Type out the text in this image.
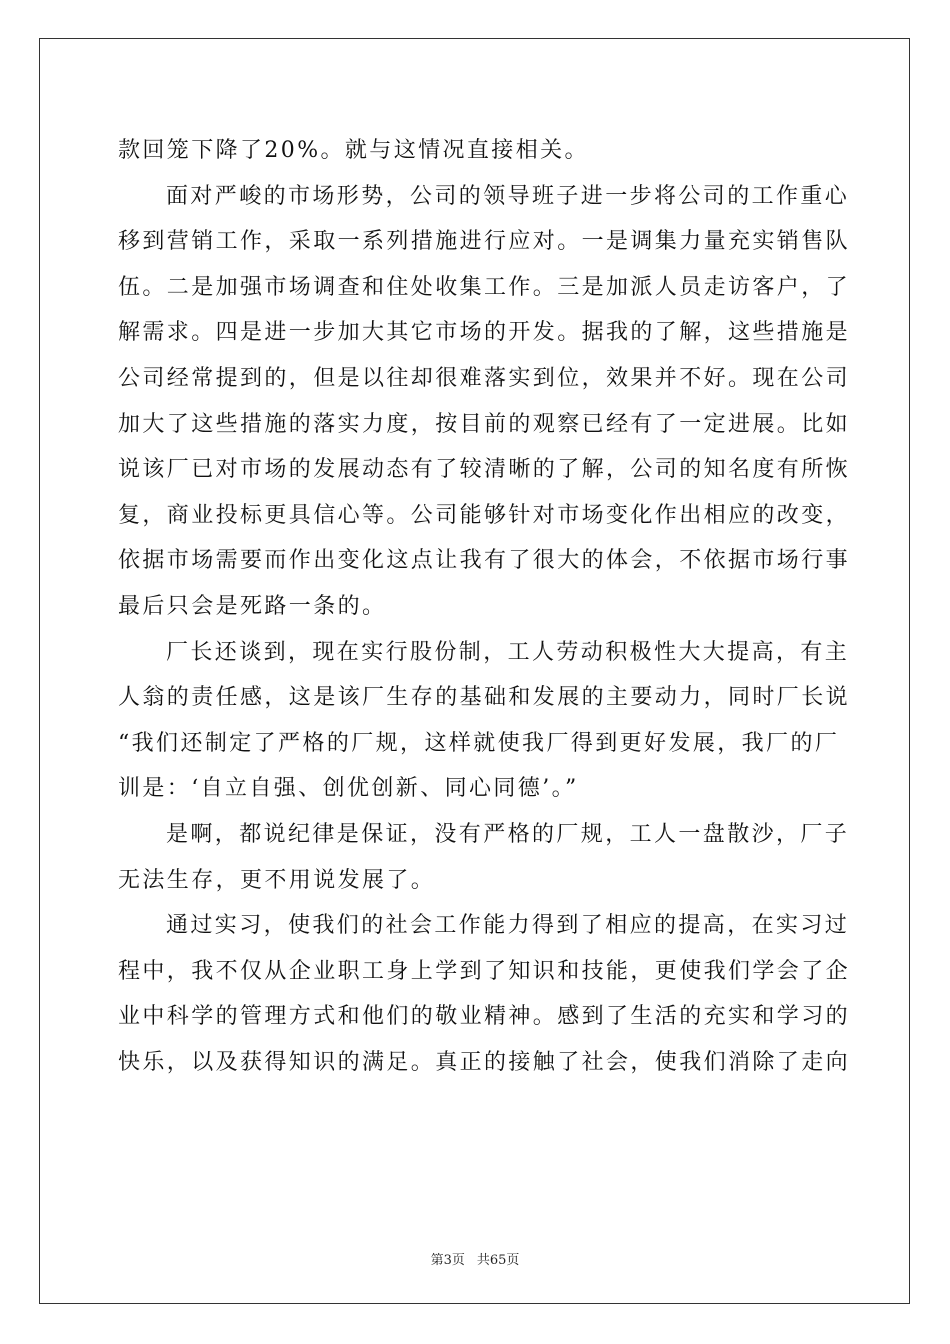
款回笼下降了20%。就与这情况直接相关。

面对严峻的市场形势，公司的领导班子进一步将公司的工作重心

移到营销工作，采取一系列措施进行应对。一是调集力量充实销售队

伍。二是加强市场调查和住处收集工作。三是加派人员走访客户，了

解需求。四是进一步加大其它市场的开发。据我的了解，这些措施是

公司经常提到的，但是以往却很难落实到位，效果并不好。现在公司

加大了这些措施的落实力度，按目前的观察已经有了一定进展。比如

说该厂已对市场的发展动态有了较清晰的了解，公司的知名度有所恢

复，商业投标更具信心等。公司能够针对市场变化作出相应的改变，

依据市场需要而作出变化这点让我有了很大的体会，不依据市场行事

最后只会是死路一条的。

厂长还谈到，现在实行股份制，工人劳动积极性大大提高，有主

人翁的责任感，这是该厂生存的基础和发展的主要动力，同时厂长说

“我们还制定了严格的厂规，这样就使我厂得到更好发展，我厂的厂

训是：‘自立自强、创优创新、同心同德’。”

是啊，都说纪律是保证，没有严格的厂规，工人一盘散沙，厂子

无法生存，更不用说发展了。

通过实习，使我们的社会工作能力得到了相应的提高，在实习过

程中，我不仅从企业职工身上学到了知识和技能，更使我们学会了企

业中科学的管理方式和他们的敬业精神。感到了生活的充实和学习的

快乐，以及获得知识的满足。真正的接触了社会，使我们消除了走向

第3页 共65页
